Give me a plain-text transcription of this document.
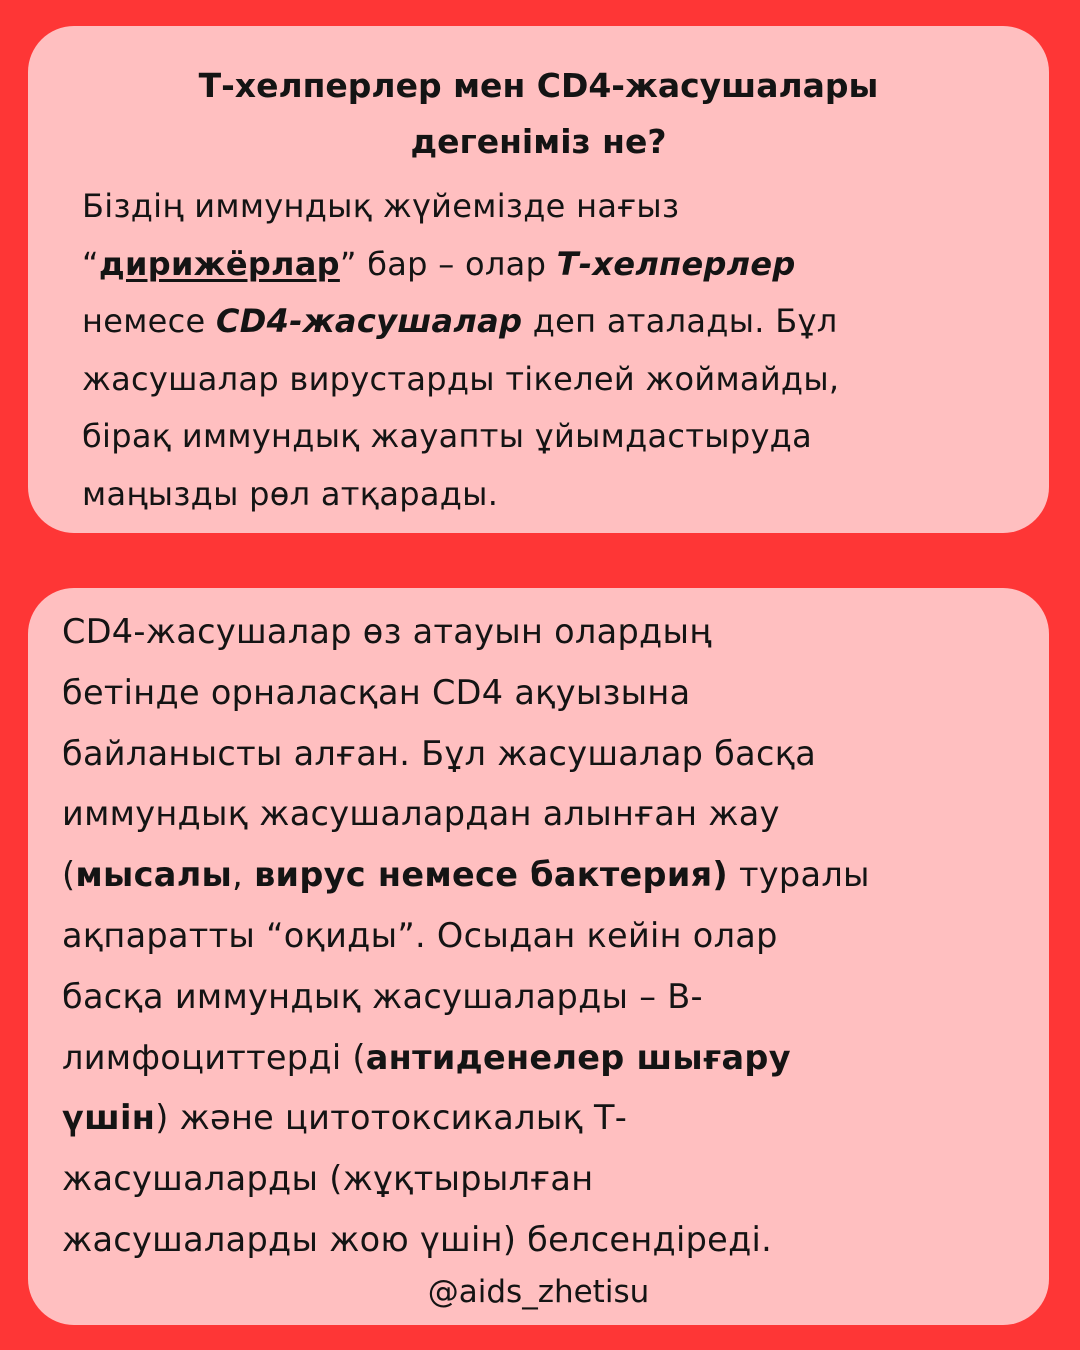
Т-хелперлер мен CD4-жасушалары
дегеніміз не?

Біздің иммундық жүйемізде нағыз
“дирижёрлар” бар – олар Т-хелперлер
немесе CD4-жасушалар деп аталады. Бұл
жасушалар вирустарды тікелей жоймайды,
бірақ иммундық жауапты ұйымдастыруда
маңызды рөл атқарады.

CD4-жасушалар өз атауын олардың
бетінде орналасқан CD4 ақуызына
байланысты алған. Бұл жасушалар басқа
иммундық жасушалардан алынған жау
(мысалы, вирус немесе бактерия) туралы
ақпаратты “оқиды”. Осыдан кейін олар
басқа иммундық жасушаларды – В-
лимфоциттерді (антиденелер шығару
үшін) және цитотоксикалық Т-
жасушаларды (жұқтырылған
жасушаларды жою үшін) белсендіреді.

@aids_zhetisu
